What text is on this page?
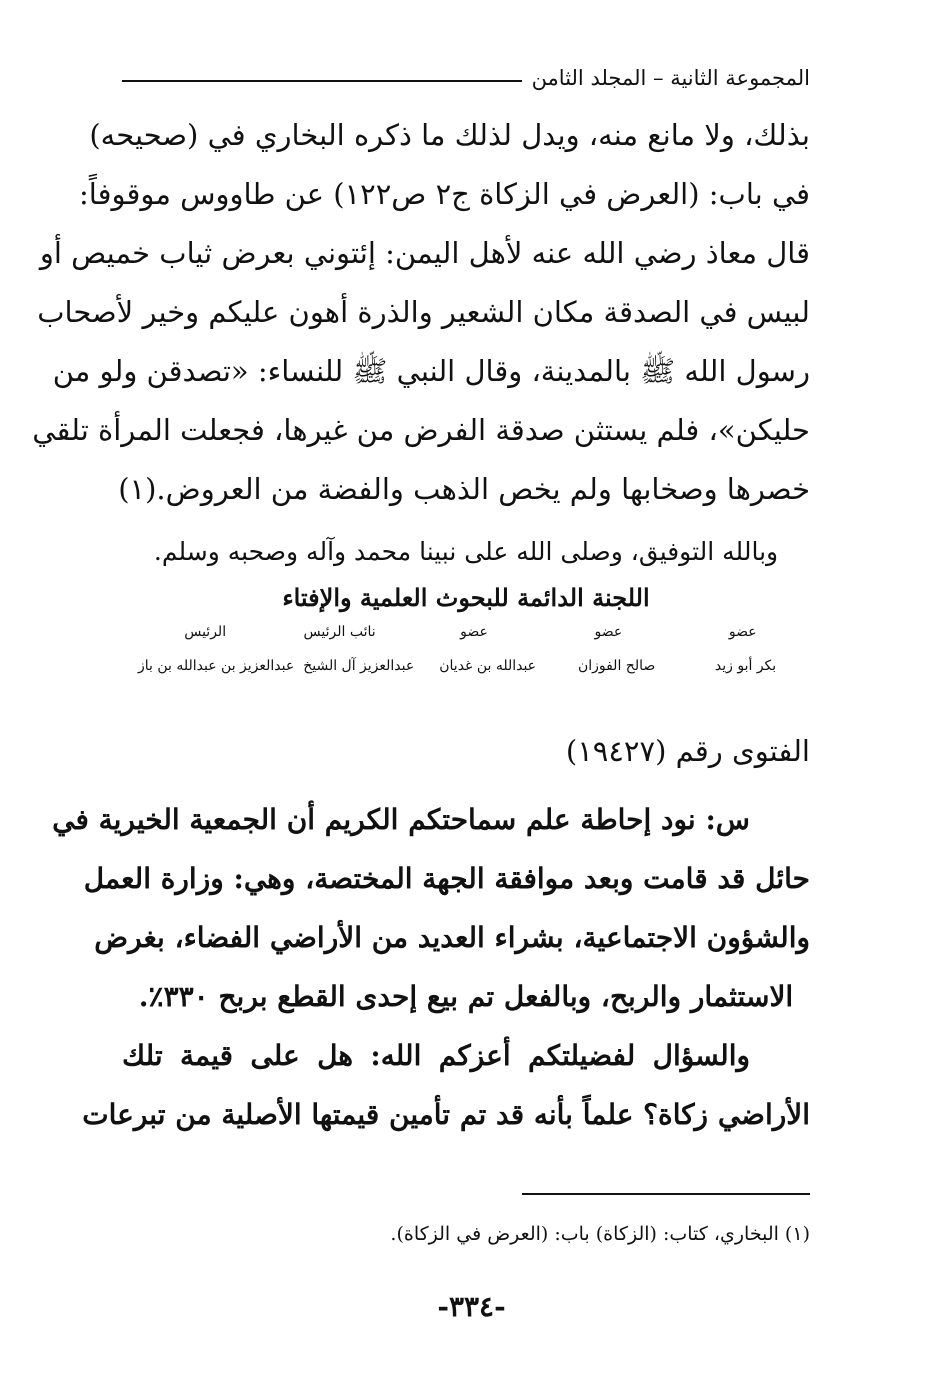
المجموعة الثانية – المجلد الثامن
بذلك، ولا مانع منه، ويدل لذلك ما ذكره البخاري في (صحيحه)
في باب: (العرض في الزكاة ج٢ ص١٢٢) عن طاووس موقوفاً:
قال معاذ رضي الله عنه لأهل اليمن: إئتوني بعرض ثياب خميص أو
لبيس في الصدقة مكان الشعير والذرة أهون عليكم وخير لأصحاب
رسول الله ﷺ بالمدينة، وقال النبي ﷺ للنساء: «تصدقن ولو من
حليكن»، فلم يستثن صدقة الفرض من غيرها، فجعلت المرأة تلقي
خصرها وصخابها ولم يخص الذهب والفضة من العروض.(١)
وبالله التوفيق، وصلى الله على نبينا محمد وآله وصحبه وسلم.
اللجنة الدائمة للبحوث العلمية والإفتاء
عضو
عضو
عضو
نائب الرئيس
الرئيس
بكر أبو زيد
صالح الفوزان
عبدالله بن غديان
عبدالعزيز آل الشيخ
عبدالعزيز بن عبدالله بن باز
الفتوى رقم (١٩٤٢٧)
س: نود إحاطة علم سماحتكم الكريم أن الجمعية الخيرية في
حائل قد قامت وبعد موافقة الجهة المختصة، وهي: وزارة العمل
والشؤون الاجتماعية، بشراء العديد من الأراضي الفضاء، بغرض
الاستثمار والربح، وبالفعل تم بيع إحدى القطع بربح ٣٣٠٪.
والسؤال لفضيلتكم أعزكم الله: هل على قيمة تلك
الأراضي زكاة؟ علماً بأنه قد تم تأمين قيمتها الأصلية من تبرعات
(١) البخاري، كتاب: (الزكاة) باب: (العرض في الزكاة).
-٣٣٤-
